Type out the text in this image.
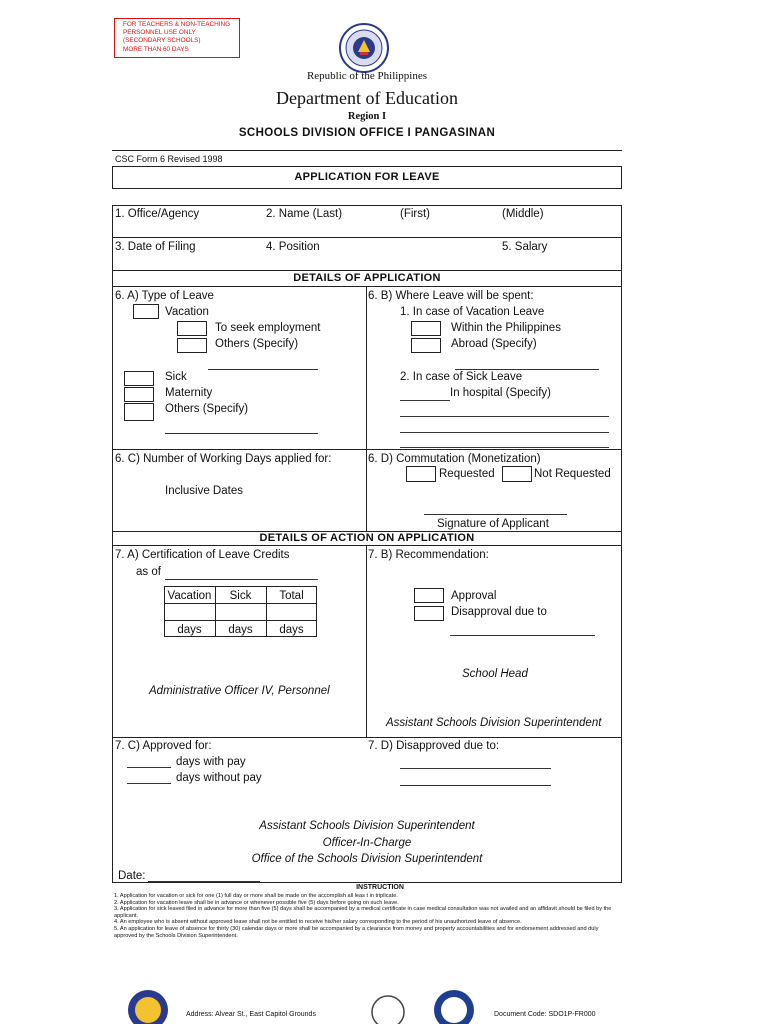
FOR TEACHERS & NON-TEACHING
PERSONNEL USE ONLY
(SECONDARY SCHOOLS)
MORE THAN 60 DAYS
Republic of the Philippines
Department of Education
Region I
SCHOOLS DIVISION OFFICE I PANGASINAN
CSC Form 6 Revised 1998
APPLICATION FOR LEAVE
1. Office/Agency	2. Name (Last)	(First)	(Middle)
3. Date of Filing	4. Position	5. Salary
DETAILS OF APPLICATION
6. A) Type of Leave
Vacation
To seek employment
Others (Specify)
Sick
Maternity
Others (Specify)
6. B) Where Leave will be spent:
1. In case of Vacation Leave
Within the Philippines
Abroad (Specify)
2. In case of Sick Leave
In hospital (Specify)
6. C) Number of Working Days applied for:
Inclusive Dates
6. D) Commutation (Monetization)
Requested	Not Requested
Signature of Applicant
DETAILS OF ACTION ON APPLICATION
7. A) Certification of Leave Credits
as of
Vacation	Sick	Total
days	days	days
Administrative Officer IV, Personnel
7. B) Recommendation:
Approval
Disapproval due to
School Head
Assistant Schools Division Superintendent
7. C) Approved for:
days with pay
days without pay
7. D) Disapproved due to:
Assistant Schools Division Superintendent
Officer-In-Charge
Office of the Schools Division Superintendent
Date:
INSTRUCTION

1. Application for vacation or sick for one (1) full day or more shall be made on the accomplish all leas t in triplicate.

2. Application for vacation leave shall be in advance or whenever possible five (5) days before going on such leave.

3. Application for sick leaved filed in advance for more than five (5) days shall be accompanied by a medical certificate in case medical consultation was not availed and an affidavit should be filed by the applicant.

4. An employee who is absent without approved leave shall not be entitled to receive his/her salary corresponding to the period of his unauthorized leave of absence.

5. An application for leave of absence for thirty (30) calendar days or more shall be accompanied by a clearance from money and property accountabilities and for endorsement addressed and duly approved by the Schools Division Superintendent.

Address: Alvear St., East Capitol Grounds	Document Code: SDO1P-FR000
